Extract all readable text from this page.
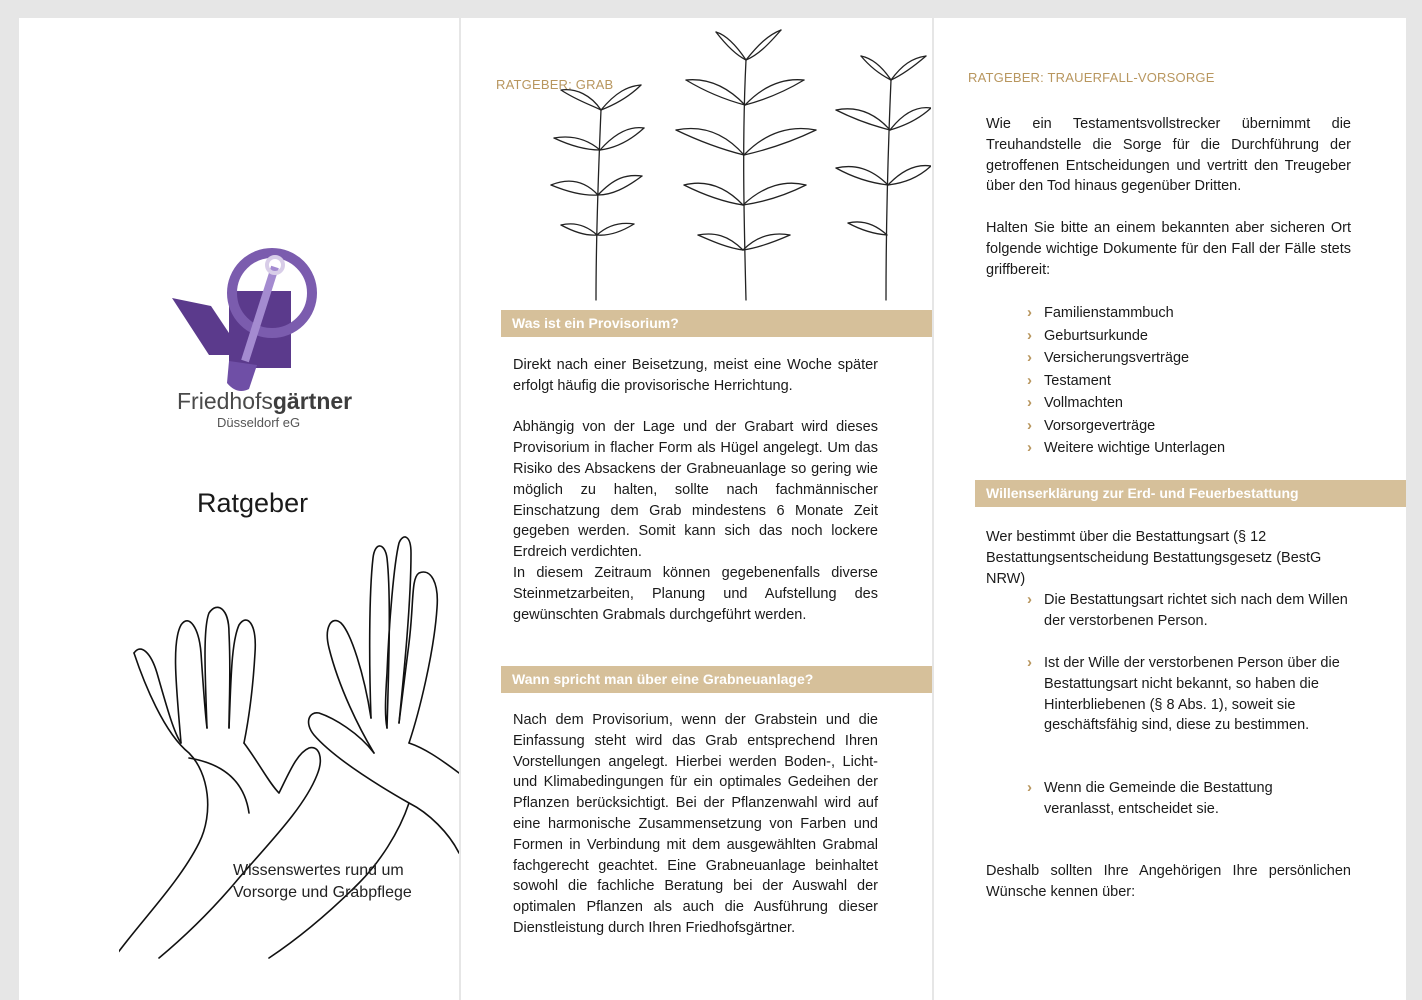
Friedhofsgärtner
Düsseldorf eG
Ratgeber
Wissenswertes rund um
Vorsorge und Grabpflege
RATGEBER: GRAB
Was ist ein Provisorium?

Direkt nach einer Beisetzung, meist eine Woche später erfolgt häufig die provisorische Herrichtung.

Abhängig von der Lage und der Grabart wird dieses Provisorium in flacher Form als Hügel angelegt. Um das Risiko des Absackens der Grabneuanlage so gering wie möglich zu halten, sollte nach fachmännischer Einschatzung dem Grab mindestens 6 Monate Zeit gegeben werden. Somit kann sich das noch lockere Erdreich verdichten.

In diesem Zeitraum können gegebenenfalls diverse Steinmetzarbeiten, Planung und Aufstellung des gewünschten Grabmals durchgeführt werden.

Wann spricht man über eine Grabneuanlage?

Nach dem Provisorium, wenn der Grabstein und die Einfassung steht wird das Grab entsprechend Ihren Vorstellungen angelegt. Hierbei werden Boden-, Licht- und Klimabedingungen für ein optimales Gedeihen der Pflanzen berücksichtigt. Bei der Pflanzenwahl wird auf eine harmonische Zusammensetzung von Farben und Formen in Verbindung mit dem ausgewählten Grabmal fachgerecht geachtet. Eine Grabneuanlage beinhaltet sowohl die fachliche Beratung bei der Auswahl der optimalen Pflanzen als auch die Ausführung dieser Dienstleistung durch Ihren Friedhofsgärtner.

RATGEBER: TRAUERFALL-VORSORGE

Wie ein Testamentsvollstrecker übernimmt die Treuhandstelle die Sorge für die Durchführung der getroffenen Entscheidungen und vertritt den Treugeber über den Tod hinaus gegenüber Dritten.

Halten Sie bitte an einem bekannten aber sicheren Ort folgende wichtige Dokumente für den Fall der Fälle stets griffbereit:

› Familienstammbuch
› Geburtsurkunde
› Versicherungsverträge
› Testament
› Vollmachten
› Vorsorgeverträge
› Weitere wichtige Unterlagen
Willenserklärung zur Erd- und Feuerbestattung
Wer bestimmt über die Bestattungsart (§ 12 Bestattungsentscheidung Bestattungsgesetz (BestG NRW)
› Die Bestattungsart richtet sich nach dem Willen der verstorbenen Person.
› Ist der Wille der verstorbenen Person über die Bestattungsart nicht bekannt, so haben die Hinterbliebenen (§ 8 Abs. 1), soweit sie geschäftsfähig sind, diese zu bestimmen.
› Wenn die Gemeinde die Bestattung veranlasst, entscheidet sie.
Deshalb sollten Ihre Angehörigen Ihre persönlichen Wünsche kennen über:
